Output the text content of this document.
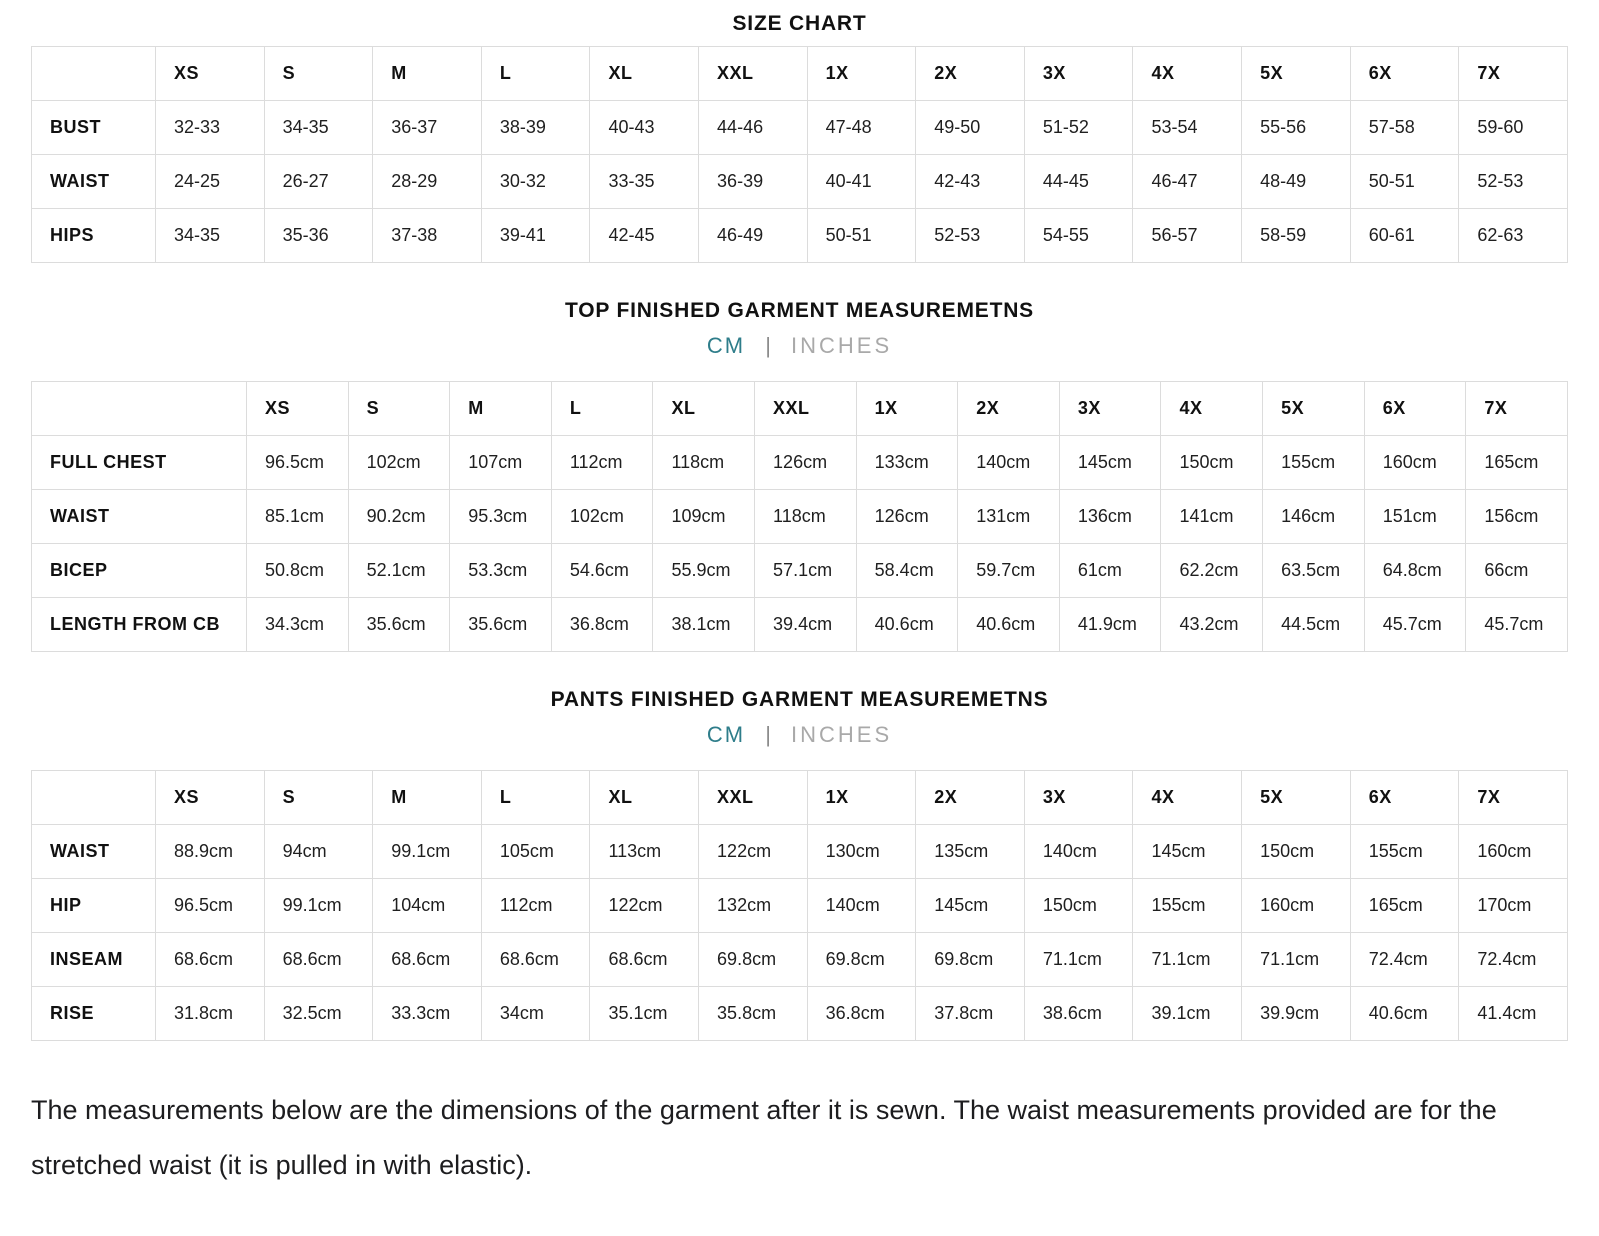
SIZE CHART
	XS	S	M	L	XL	XXL	1X	2X	3X	4X	5X	6X	7X
BUST	32-33	34-35	36-37	38-39	40-43	44-46	47-48	49-50	51-52	53-54	55-56	57-58	59-60
WAIST	24-25	26-27	28-29	30-32	33-35	36-39	40-41	42-43	44-45	46-47	48-49	50-51	52-53
HIPS	34-35	35-36	37-38	39-41	42-45	46-49	50-51	52-53	54-55	56-57	58-59	60-61	62-63
TOP FINISHED GARMENT MEASUREMETNS
CM | INCHES
	XS	S	M	L	XL	XXL	1X	2X	3X	4X	5X	6X	7X
FULL CHEST	96.5cm	102cm	107cm	112cm	118cm	126cm	133cm	140cm	145cm	150cm	155cm	160cm	165cm
WAIST	85.1cm	90.2cm	95.3cm	102cm	109cm	118cm	126cm	131cm	136cm	141cm	146cm	151cm	156cm
BICEP	50.8cm	52.1cm	53.3cm	54.6cm	55.9cm	57.1cm	58.4cm	59.7cm	61cm	62.2cm	63.5cm	64.8cm	66cm
LENGTH FROM CB	34.3cm	35.6cm	35.6cm	36.8cm	38.1cm	39.4cm	40.6cm	40.6cm	41.9cm	43.2cm	44.5cm	45.7cm	45.7cm
PANTS FINISHED GARMENT MEASUREMETNS
CM | INCHES
	XS	S	M	L	XL	XXL	1X	2X	3X	4X	5X	6X	7X
WAIST	88.9cm	94cm	99.1cm	105cm	113cm	122cm	130cm	135cm	140cm	145cm	150cm	155cm	160cm
HIP	96.5cm	99.1cm	104cm	112cm	122cm	132cm	140cm	145cm	150cm	155cm	160cm	165cm	170cm
INSEAM	68.6cm	68.6cm	68.6cm	68.6cm	68.6cm	69.8cm	69.8cm	69.8cm	71.1cm	71.1cm	71.1cm	72.4cm	72.4cm
RISE	31.8cm	32.5cm	33.3cm	34cm	35.1cm	35.8cm	36.8cm	37.8cm	38.6cm	39.1cm	39.9cm	40.6cm	41.4cm

The measurements below are the dimensions of the garment after it is sewn. The waist measurements provided are for the stretched waist (it is pulled in with elastic).
